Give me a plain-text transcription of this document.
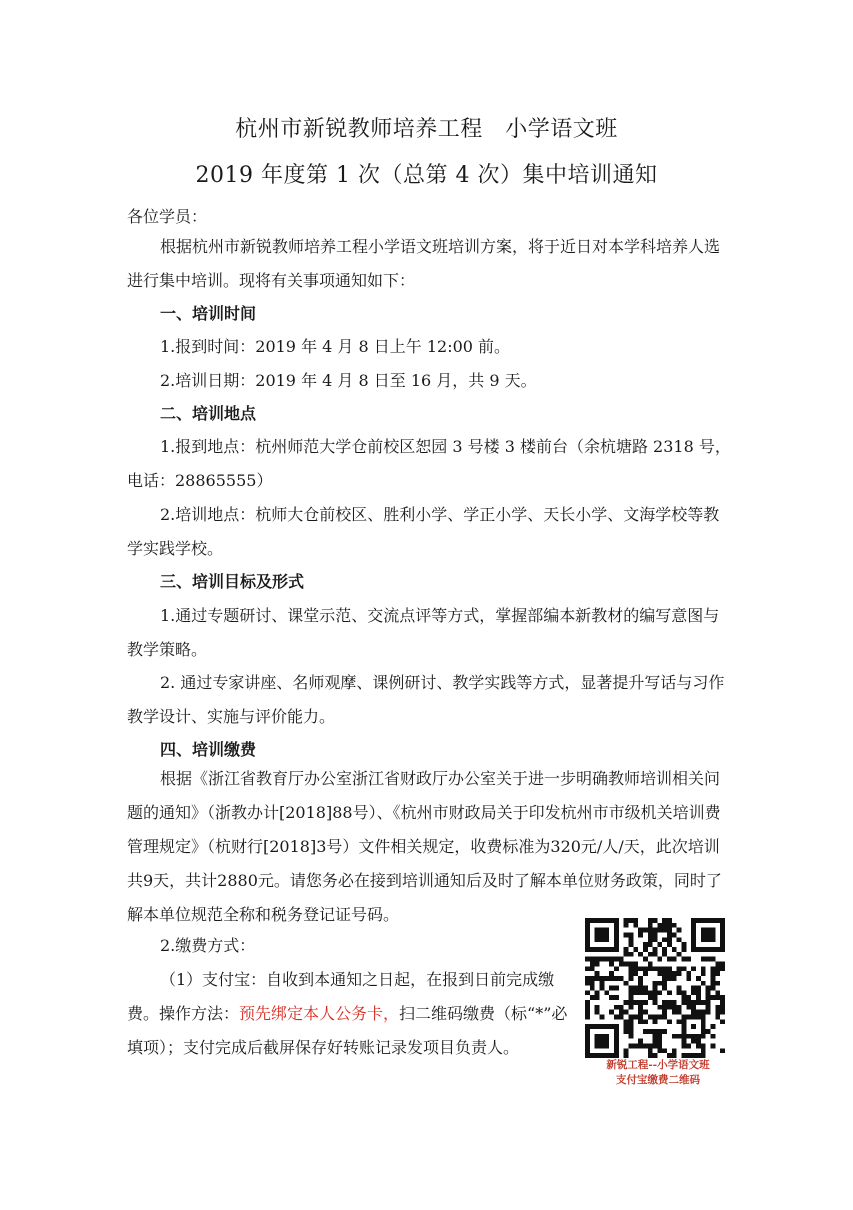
杭州市新锐教师培养工程　小学语文班
2019 年度第 1 次（总第 4 次）集中培训通知

各位学员：

根据杭州市新锐教师培养工程小学语文班培训方案，将于近日对本学科培养人选进行集中培训。现将有关事项通知如下：

一、培训时间

1.报到时间：2019 年 4 月 8 日上午 12:00 前。

2.培训日期：2019 年 4 月 8 日至 16 月，共 9 天。

二、培训地点

1.报到地点：杭州师范大学仓前校区恕园 3 号楼 3 楼前台（余杭塘路 2318 号，电话：28865555）

2.培训地点：杭师大仓前校区、胜利小学、学正小学、天长小学、文海学校等教学实践学校。

三、培训目标及形式

1.通过专题研讨、课堂示范、交流点评等方式，掌握部编本新教材的编写意图与教学策略。

2. 通过专家讲座、名师观摩、课例研讨、教学实践等方式，显著提升写话与习作教学设计、实施与评价能力。

四、培训缴费

根据《浙江省教育厅办公室浙江省财政厅办公室关于进一步明确教师培训相关问题的通知》（浙教办计[2018]88号）、《杭州市财政局关于印发杭州市市级机关培训费管理规定》（杭财行[2018]3号）文件相关规定，收费标准为320元/人/天，此次培训共9天，共计2880元。请您务必在接到培训通知后及时了解本单位财务政策，同时了解本单位规范全称和税务登记证号码。

2.缴费方式：

（1）支付宝：自收到本通知之日起，在报到日前完成缴费。操作方法：预先绑定本人公务卡，扫二维码缴费（标“*”必填项）；支付完成后截屏保存好转账记录发项目负责人。

新锐工程--小学语文班
支付宝缴费二维码
